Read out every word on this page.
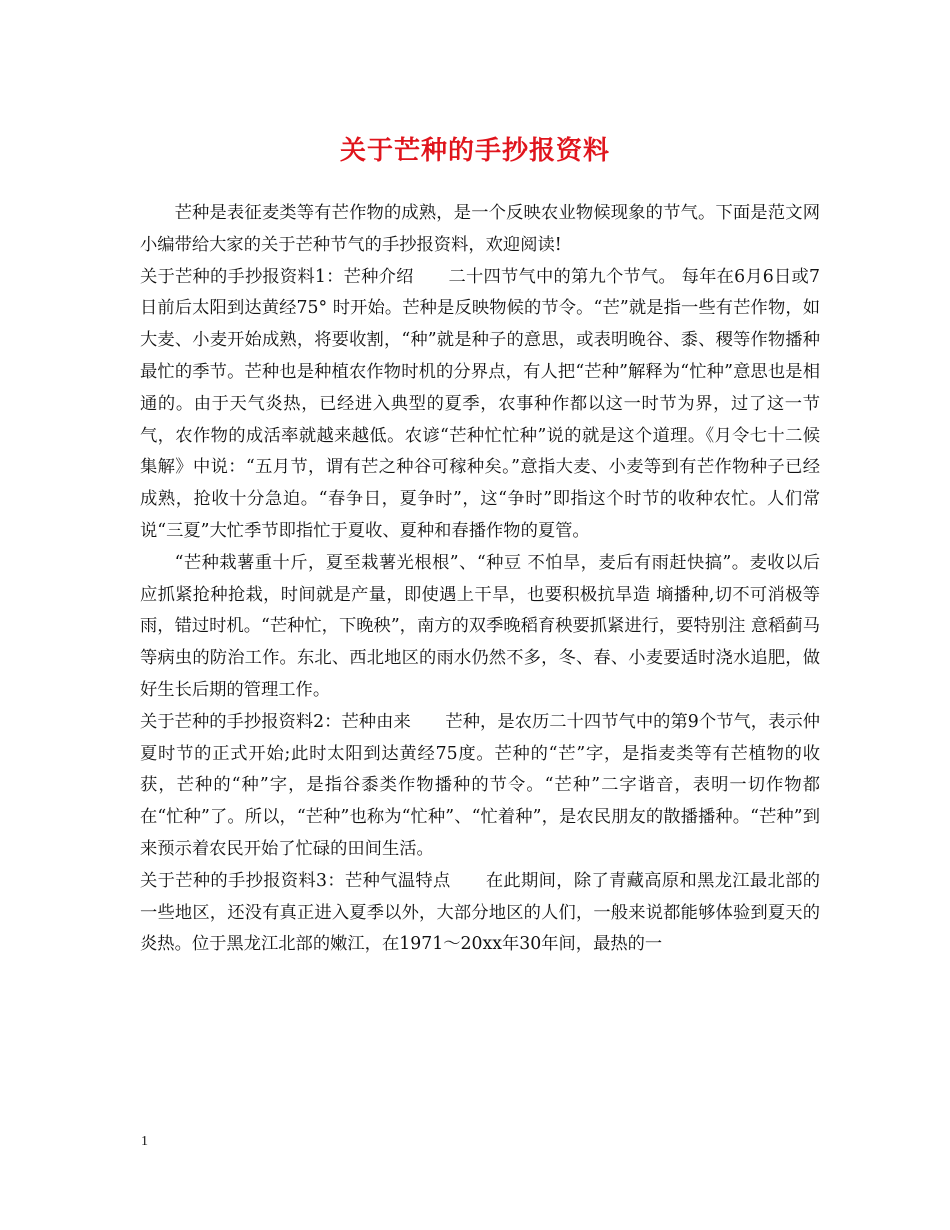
关于芒种的手抄报资料

芒种是表征麦类等有芒作物的成熟，是一个反映农业物候现象的节气。下面是范文网小编带给大家的关于芒种节气的手抄报资料，欢迎阅读!

关于芒种的手抄报资料1：芒种介绍　　二十四节气中的第九个节气。 每年在6月6日或7日前后太阳到达黄经75° 时开始。芒种是反映物候的节令。“芒”就是指一些有芒作物，如大麦、小麦开始成熟，将要收割，“种”就是种子的意思，或表明晚谷、黍、稷等作物播种最忙的季节。芒种也是种植农作物时机的分界点，有人把“芒种”解释为“忙种”意思也是相通的。由于天气炎热，已经进入典型的夏季，农事种作都以这一时节为界，过了这一节气，农作物的成活率就越来越低。农谚“芒种忙忙种”说的就是这个道理。《月令七十二候集解》中说：“五月节，谓有芒之种谷可稼种矣。”意指大麦、小麦等到有芒作物种子已经成熟，抢收十分急迫。“春争日，夏争时”，这“争时”即指这个时节的收种农忙。人们常说“三夏”大忙季节即指忙于夏收、夏种和春播作物的夏管。

“芒种栽薯重十斤，夏至栽薯光根根”、“种豆 不怕旱，麦后有雨赶快搞”。麦收以后应抓紧抢种抢栽，时间就是产量，即使遇上干旱，也要积极抗旱造 墒播种,切不可消极等雨，错过时机。“芒种忙，下晚秧”，南方的双季晚稻育秧要抓紧进行，要特别注 意稻蓟马等病虫的防治工作。东北、西北地区的雨水仍然不多，冬、春、小麦要适时浇水追肥，做好生长后期的管理工作。

关于芒种的手抄报资料2：芒种由来　　芒种，是农历二十四节气中的第9个节气，表示仲夏时节的正式开始;此时太阳到达黄经75度。芒种的“芒”字，是指麦类等有芒植物的收获，芒种的“种”字，是指谷黍类作物播种的节令。“芒种”二字谐音，表明一切作物都在“忙种”了。所以，“芒种”也称为“忙种”、“忙着种”，是农民朋友的散播播种。“芒种”到来预示着农民开始了忙碌的田间生活。

关于芒种的手抄报资料3：芒种气温特点　　在此期间，除了青藏高原和黑龙江最北部的一些地区，还没有真正进入夏季以外，大部分地区的人们，一般来说都能够体验到夏天的炎热。位于黑龙江北部的嫩江，在1971～20xx年30年间，最热的一

1
